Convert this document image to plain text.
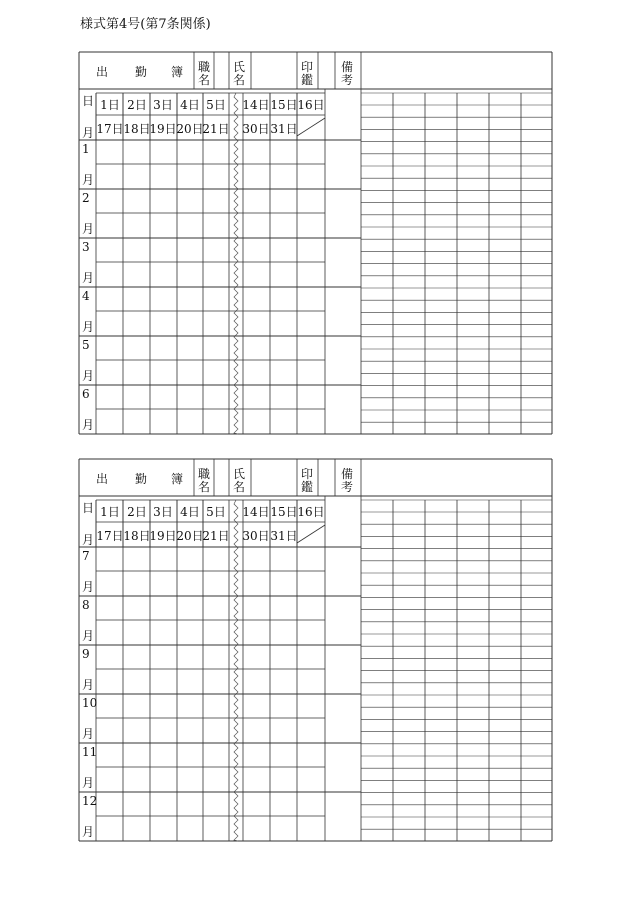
様式第4号(第7条関係)
出 勤 簿 職
名
氏
名
印
鑑
備
考
日
月
1日 2日 3日 4日 5日 14日 15日 16日
17日 18日
19日 20日
21日 30日 31日
1
月
2
月
3
月
4
月
5
月
6
月
出 勤 簿 職
名
氏
名
印
鑑
備
考
日
月
1日 2日 3日 4日 5日 14日 15日 16日
17日 18日
19日 20日
21日 30日 31日
7
月
8
月
9
月
10
月
11
月
12
月
